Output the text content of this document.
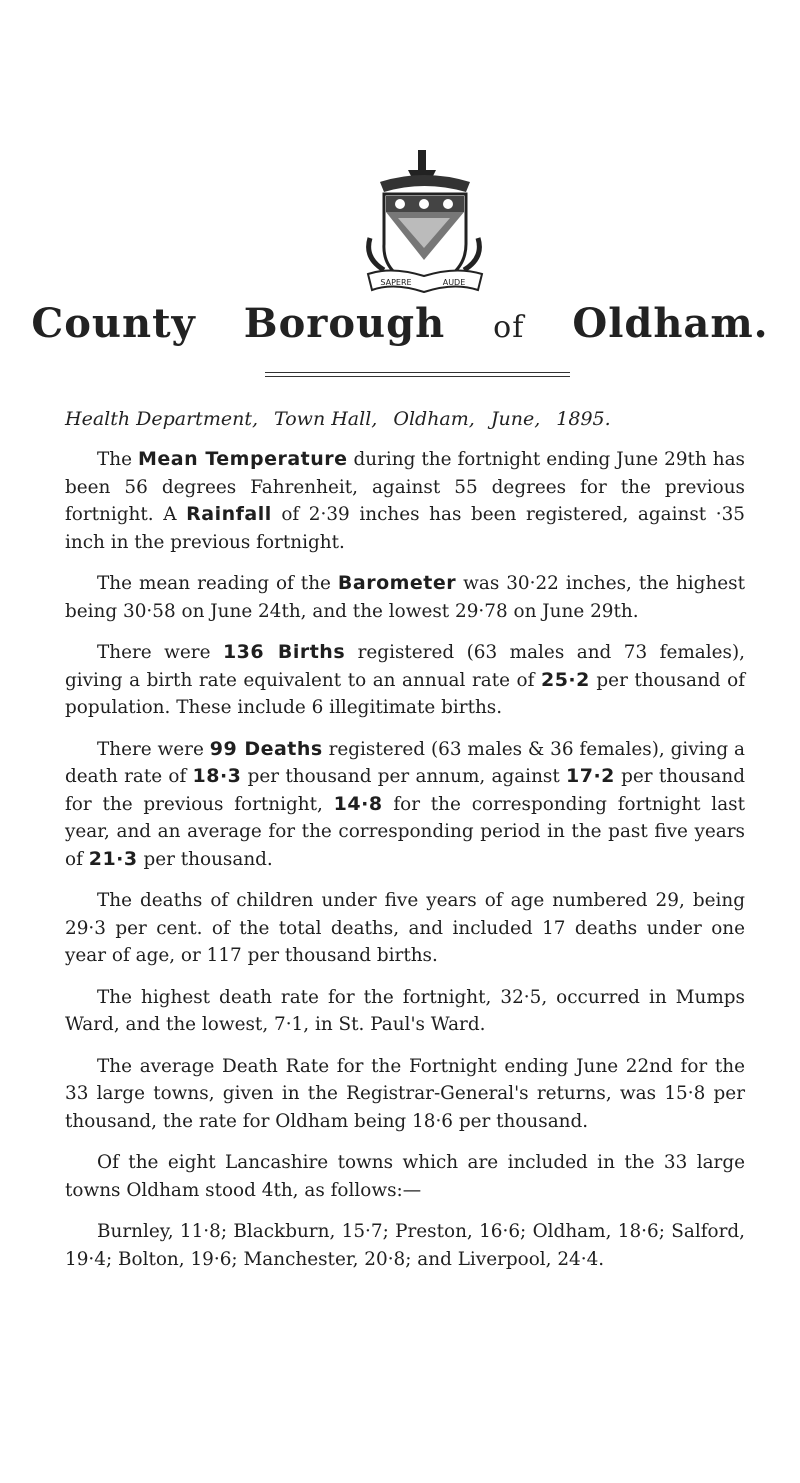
SAPERE	AUDE
County Borough of Oldham.
Health Department, Town Hall, Oldham, June, 1895.

The Mean Temperature during the fortnight ending June 29th has been 56 degrees Fahrenheit, against 55 degrees for the previous fortnight. A Rainfall of 2·39 inches has been registered, against ·35 inch in the previous fortnight.

The mean reading of the Barometer was 30·22 inches, the highest being 30·58 on June 24th, and the lowest 29·78 on June 29th.

There were 136 Births registered (63 males and 73 females), giving a birth rate equivalent to an annual rate of 25·2 per thousand of population. These include 6 illegitimate births.

There were 99 Deaths registered (63 males & 36 females), giving a death rate of 18·3 per thousand per annum, against 17·2 per thousand for the previous fortnight, 14·8 for the corresponding fortnight last year, and an average for the corresponding period in the past five years of 21·3 per thousand.

The deaths of children under five years of age numbered 29, being 29·3 per cent. of the total deaths, and included 17 deaths under one year of age, or 117 per thousand births.

The highest death rate for the fortnight, 32·5, occurred in Mumps Ward, and the lowest, 7·1, in St. Paul's Ward.

The average Death Rate for the Fortnight ending June 22nd for the 33 large towns, given in the Registrar-General's returns, was 15·8 per thousand, the rate for Oldham being 18·6 per thousand.

Of the eight Lancashire towns which are included in the 33 large towns Oldham stood 4th, as follows:—

Burnley, 11·8; Blackburn, 15·7; Preston, 16·6; Oldham, 18·6; Salford, 19·4; Bolton, 19·6; Manchester, 20·8; and Liverpool, 24·4.
